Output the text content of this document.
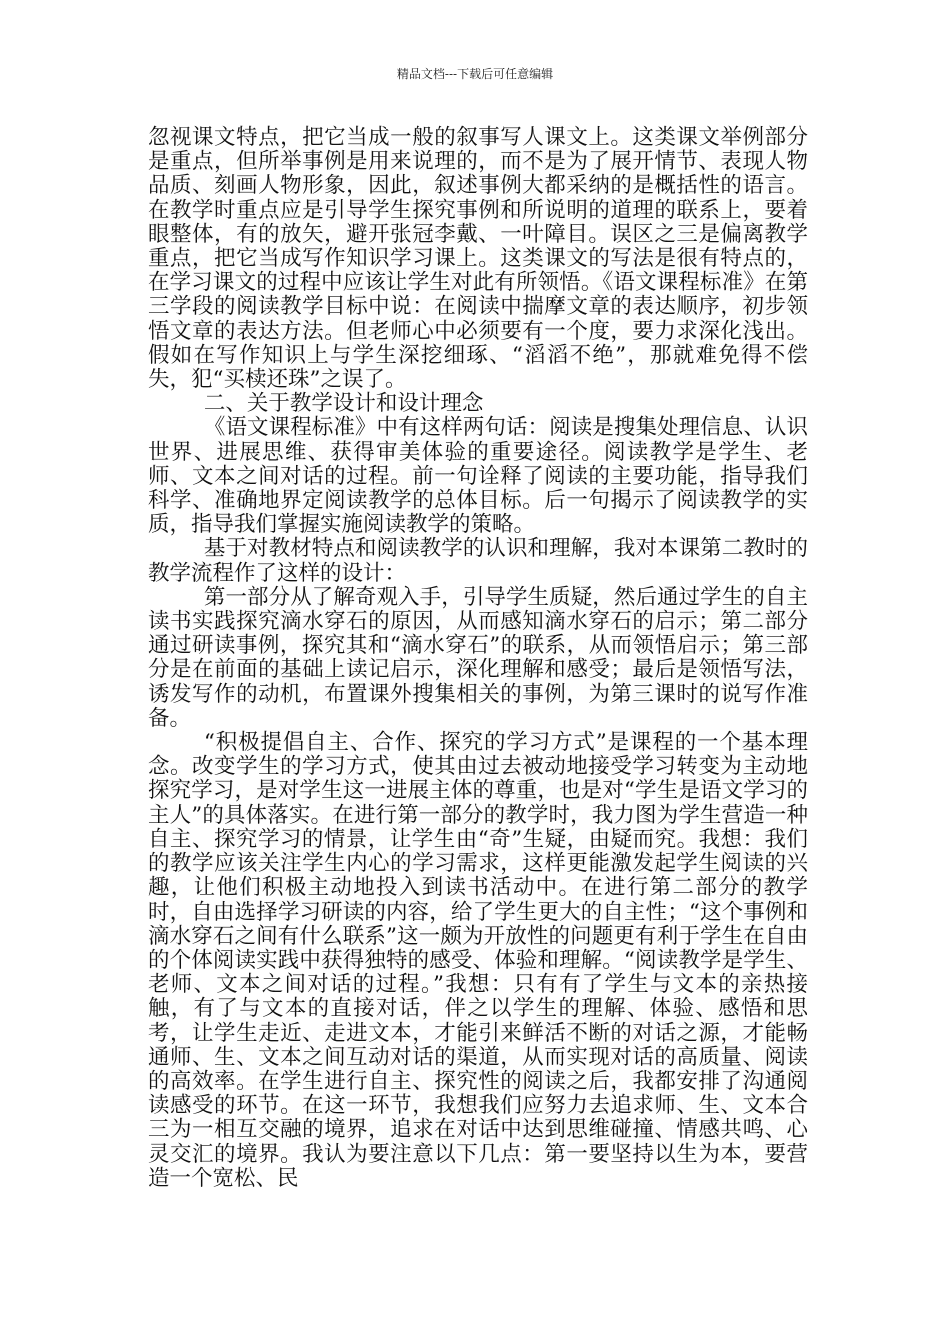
精品文档---下载后可任意编辑

忽视课文特点，把它当成一般的叙事写人课文上。这类课文举例部分是重点，但所举事例是用来说理的，而不是为了展开情节、表现人物品质、刻画人物形象，因此，叙述事例大都采纳的是概括性的语言。在教学时重点应是引导学生探究事例和所说明的道理的联系上，要着眼整体，有的放矢，避开张冠李戴、一叶障目。误区之三是偏离教学重点，把它当成写作知识学习课上。这类课文的写法是很有特点的，在学习课文的过程中应该让学生对此有所领悟。《语文课程标准》在第三学段的阅读教学目标中说：在阅读中揣摩文章的表达顺序，初步领悟文章的表达方法。但老师心中必须要有一个度，要力求深化浅出。假如在写作知识上与学生深挖细琢、“滔滔不绝”，那就难免得不偿失，犯“买椟还珠”之误了。

二、关于教学设计和设计理念

《语文课程标准》中有这样两句话：阅读是搜集处理信息、认识世界、进展思维、获得审美体验的重要途径。阅读教学是学生、老师、文本之间对话的过程。前一句诠释了阅读的主要功能，指导我们科学、准确地界定阅读教学的总体目标。后一句揭示了阅读教学的实质，指导我们掌握实施阅读教学的策略。

基于对教材特点和阅读教学的认识和理解，我对本课第二教时的教学流程作了这样的设计：

第一部分从了解奇观入手，引导学生质疑，然后通过学生的自主读书实践探究滴水穿石的原因，从而感知滴水穿石的启示；第二部分通过研读事例，探究其和“滴水穿石”的联系，从而领悟启示；第三部分是在前面的基础上读记启示，深化理解和感受；最后是领悟写法，诱发写作的动机，布置课外搜集相关的事例，为第三课时的说写作准备。

“积极提倡自主、合作、探究的学习方式”是课程的一个基本理念。改变学生的学习方式，使其由过去被动地接受学习转变为主动地探究学习，是对学生这一进展主体的尊重，也是对“学生是语文学习的主人”的具体落实。在进行第一部分的教学时，我力图为学生营造一种自主、探究学习的情景，让学生由“奇”生疑，由疑而究。我想：我们的教学应该关注学生内心的学习需求，这样更能激发起学生阅读的兴趣，让他们积极主动地投入到读书活动中。在进行第二部分的教学时，自由选择学习研读的内容，给了学生更大的自主性；“这个事例和滴水穿石之间有什么联系”这一颇为开放性的问题更有利于学生在自由的个体阅读实践中获得独特的感受、体验和理解。“阅读教学是学生、老师、文本之间对话的过程。”我想：只有有了学生与文本的亲热接触，有了与文本的直接对话，伴之以学生的理解、体验、感悟和思考，让学生走近、走进文本，才能引来鲜活不断的对话之源，才能畅通师、生、文本之间互动对话的渠道，从而实现对话的高质量、阅读的高效率。在学生进行自主、探究性的阅读之后，我都安排了沟通阅读感受的环节。在这一环节，我想我们应努力去追求师、生、文本合三为一相互交融的境界，追求在对话中达到思维碰撞、情感共鸣、心灵交汇的境界。我认为要注意以下几点：第一要坚持以生为本，要营造一个宽松、民
